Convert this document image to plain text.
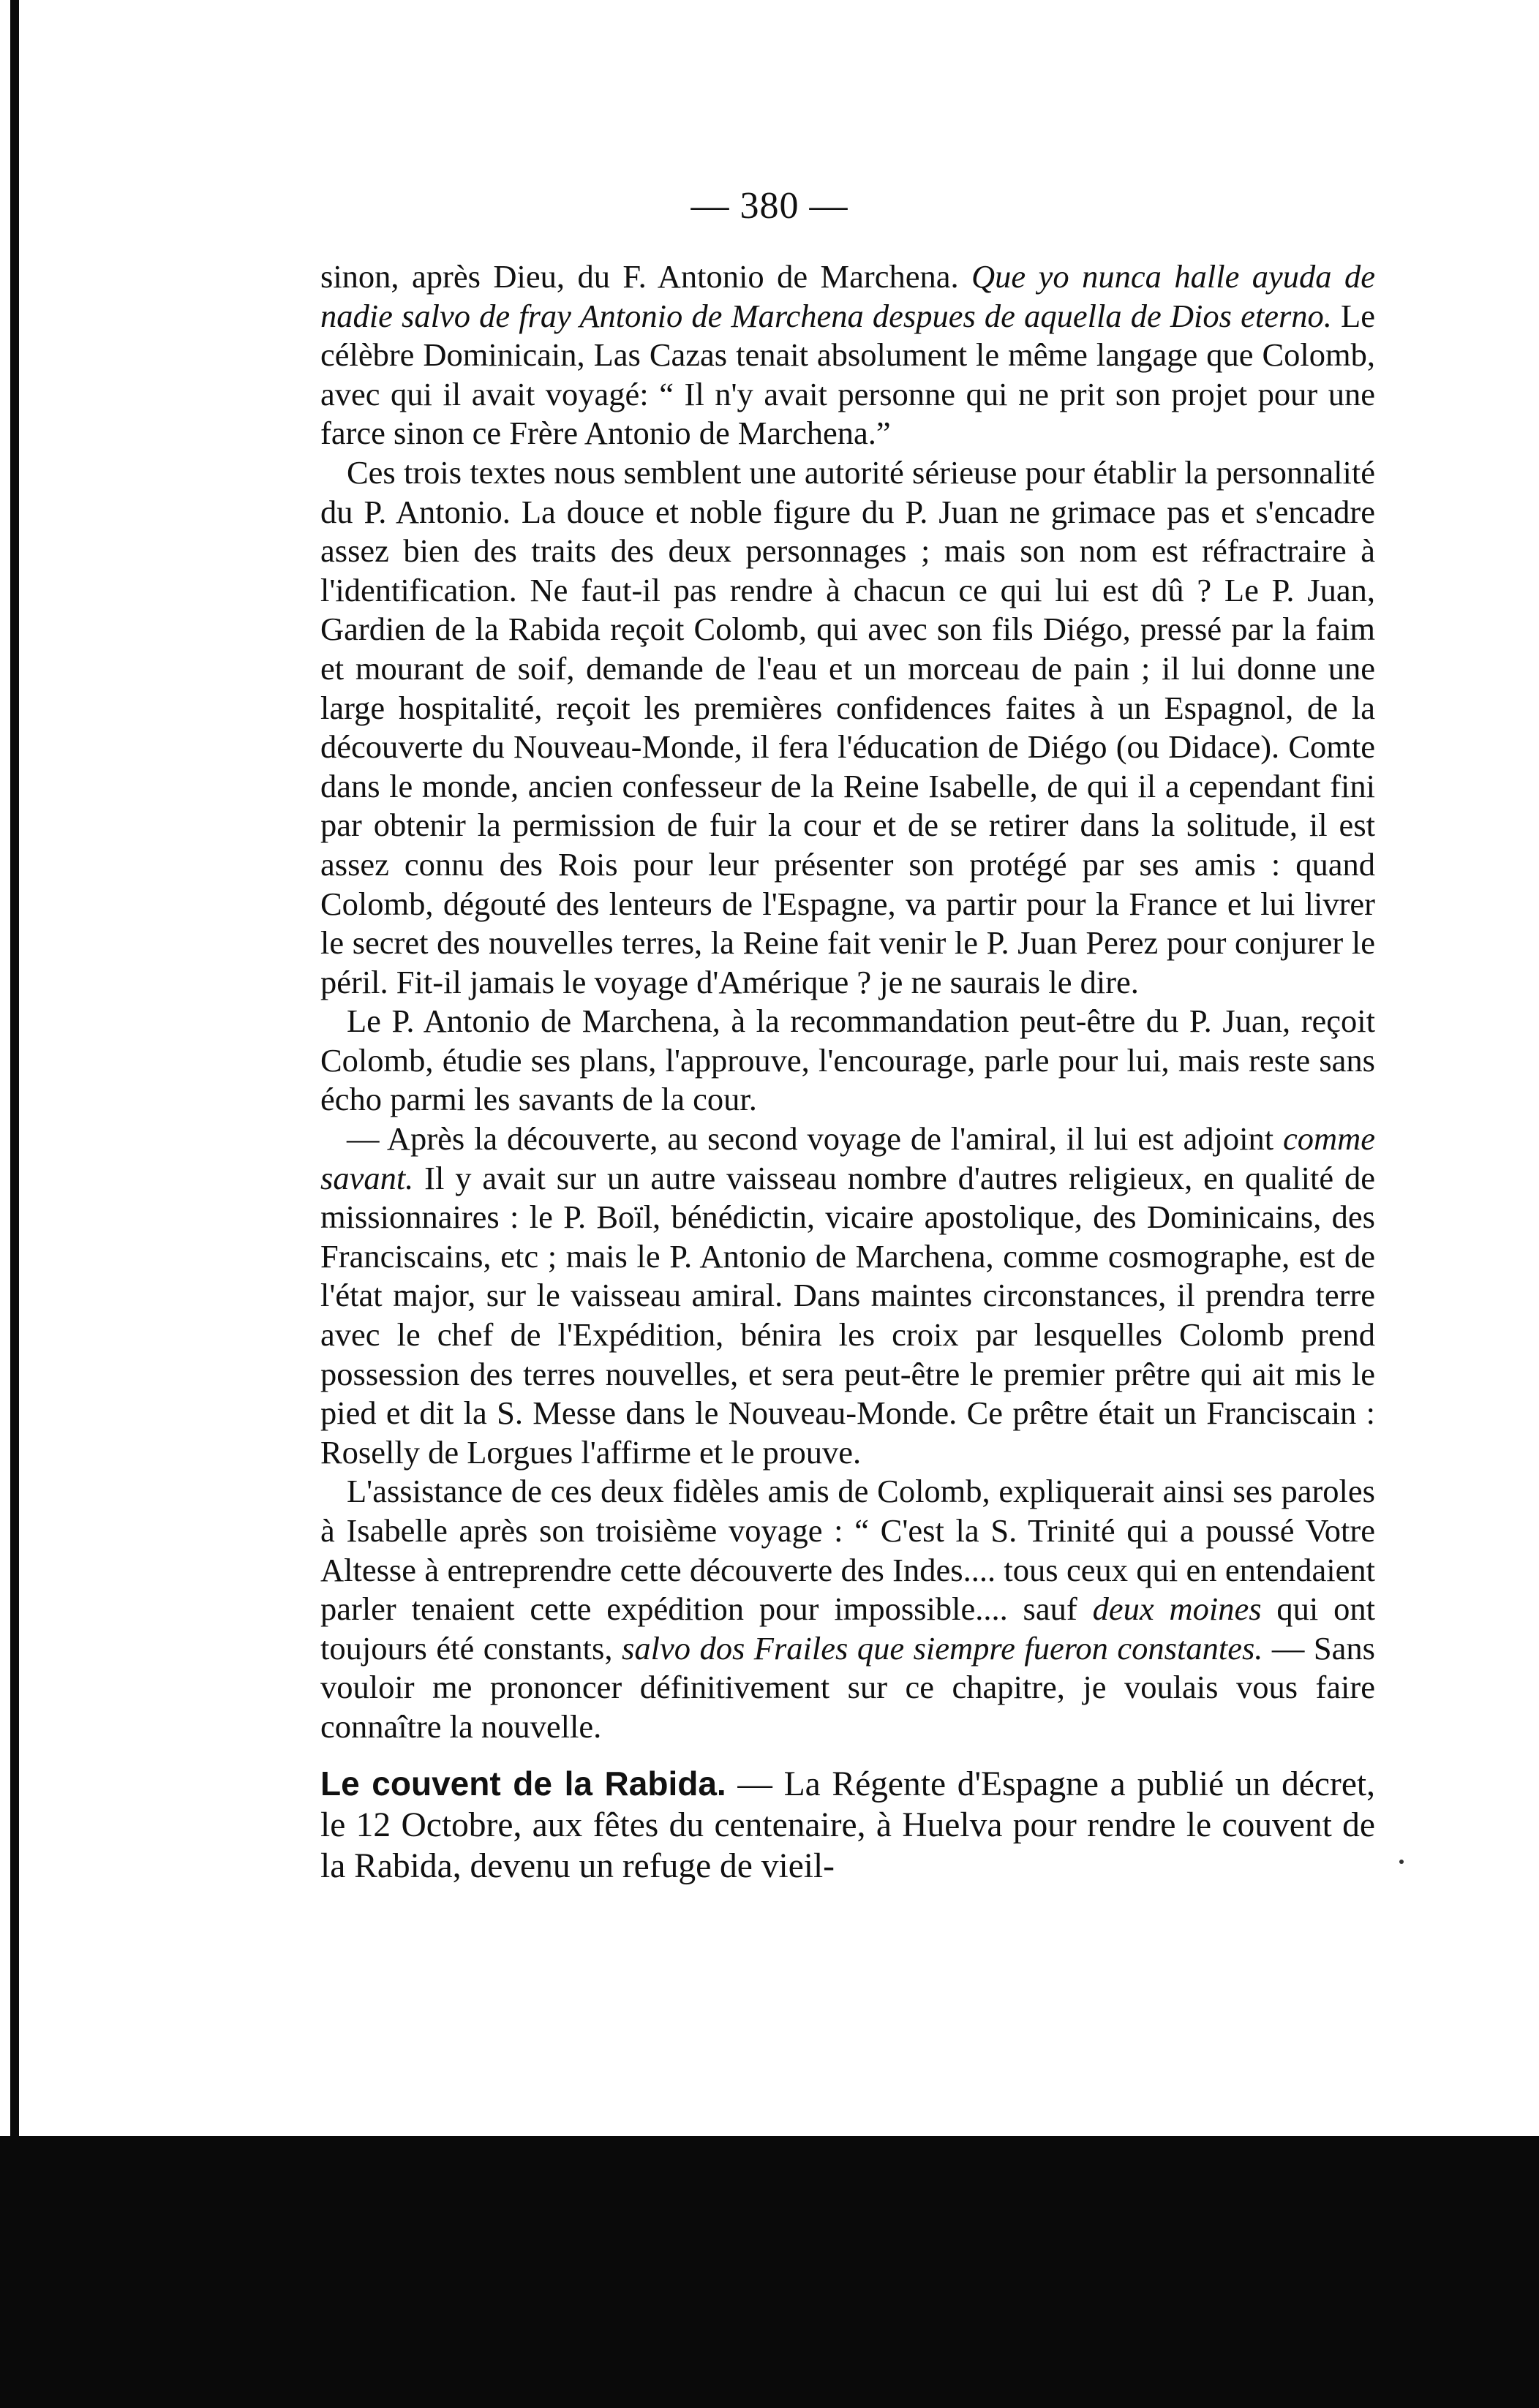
— 380 —

sinon, après Dieu, du F. Antonio de Marchena. Que yo nunca halle ayuda de nadie salvo de fray Antonio de Marchena despues de aquella de Dios eterno. Le célèbre Dominicain, Las Cazas tenait absolument le même langage que Colomb, avec qui il avait voyagé: “ Il n'y avait personne qui ne prit son projet pour une farce sinon ce Frère Antonio de Marchena.”

Ces trois textes nous semblent une autorité sérieuse pour établir la personnalité du P. Antonio. La douce et noble figure du P. Juan ne grimace pas et s'encadre assez bien des traits des deux personnages ; mais son nom est réfractraire à l'identification. Ne faut-il pas rendre à chacun ce qui lui est dû ? Le P. Juan, Gardien de la Rabida reçoit Colomb, qui avec son fils Diégo, pressé par la faim et mourant de soif, demande de l'eau et un morceau de pain ; il lui donne une large hospitalité, reçoit les premières confidences faites à un Espagnol, de la découverte du Nouveau-Monde, il fera l'éducation de Diégo (ou Didace). Comte dans le monde, ancien confesseur de la Reine Isabelle, de qui il a cependant fini par obtenir la permission de fuir la cour et de se retirer dans la solitude, il est assez connu des Rois pour leur présenter son protégé par ses amis : quand Colomb, dégouté des lenteurs de l'Espagne, va partir pour la France et lui livrer le secret des nouvelles terres, la Reine fait venir le P. Juan Perez pour conjurer le péril. Fit-il jamais le voyage d'Amérique ? je ne saurais le dire.

Le P. Antonio de Marchena, à la recommandation peut-être du P. Juan, reçoit Colomb, étudie ses plans, l'approuve, l'encourage, parle pour lui, mais reste sans écho parmi les savants de la cour.

— Après la découverte, au second voyage de l'amiral, il lui est adjoint comme savant. Il y avait sur un autre vaisseau nombre d'autres religieux, en qualité de missionnaires : le P. Boïl, bénédictin, vicaire apostolique, des Dominicains, des Franciscains, etc ; mais le P. Antonio de Marchena, comme cosmographe, est de l'état major, sur le vaisseau amiral. Dans maintes circonstances, il prendra terre avec le chef de l'Expédition, bénira les croix par lesquelles Colomb prend possession des terres nouvelles, et sera peut-être le premier prêtre qui ait mis le pied et dit la S. Messe dans le Nouveau-Monde. Ce prêtre était un Franciscain : Roselly de Lorgues l'affirme et le prouve.

L'assistance de ces deux fidèles amis de Colomb, expliquerait ainsi ses paroles à Isabelle après son troisième voyage : “ C'est la S. Trinité qui a poussé Votre Altesse à entreprendre cette découverte des Indes.... tous ceux qui en entendaient parler tenaient cette expédition pour impossible.... sauf deux moines qui ont toujours été constants, salvo dos Frailes que siempre fueron constantes. — Sans vouloir me prononcer définitivement sur ce chapitre, je voulais vous faire connaître la nouvelle.

Le couvent de la Rabida. — La Régente d'Espagne a publié un décret, le 12 Octobre, aux fêtes du centenaire, à Huelva pour rendre le couvent de la Rabida, devenu un refuge de vieil-
